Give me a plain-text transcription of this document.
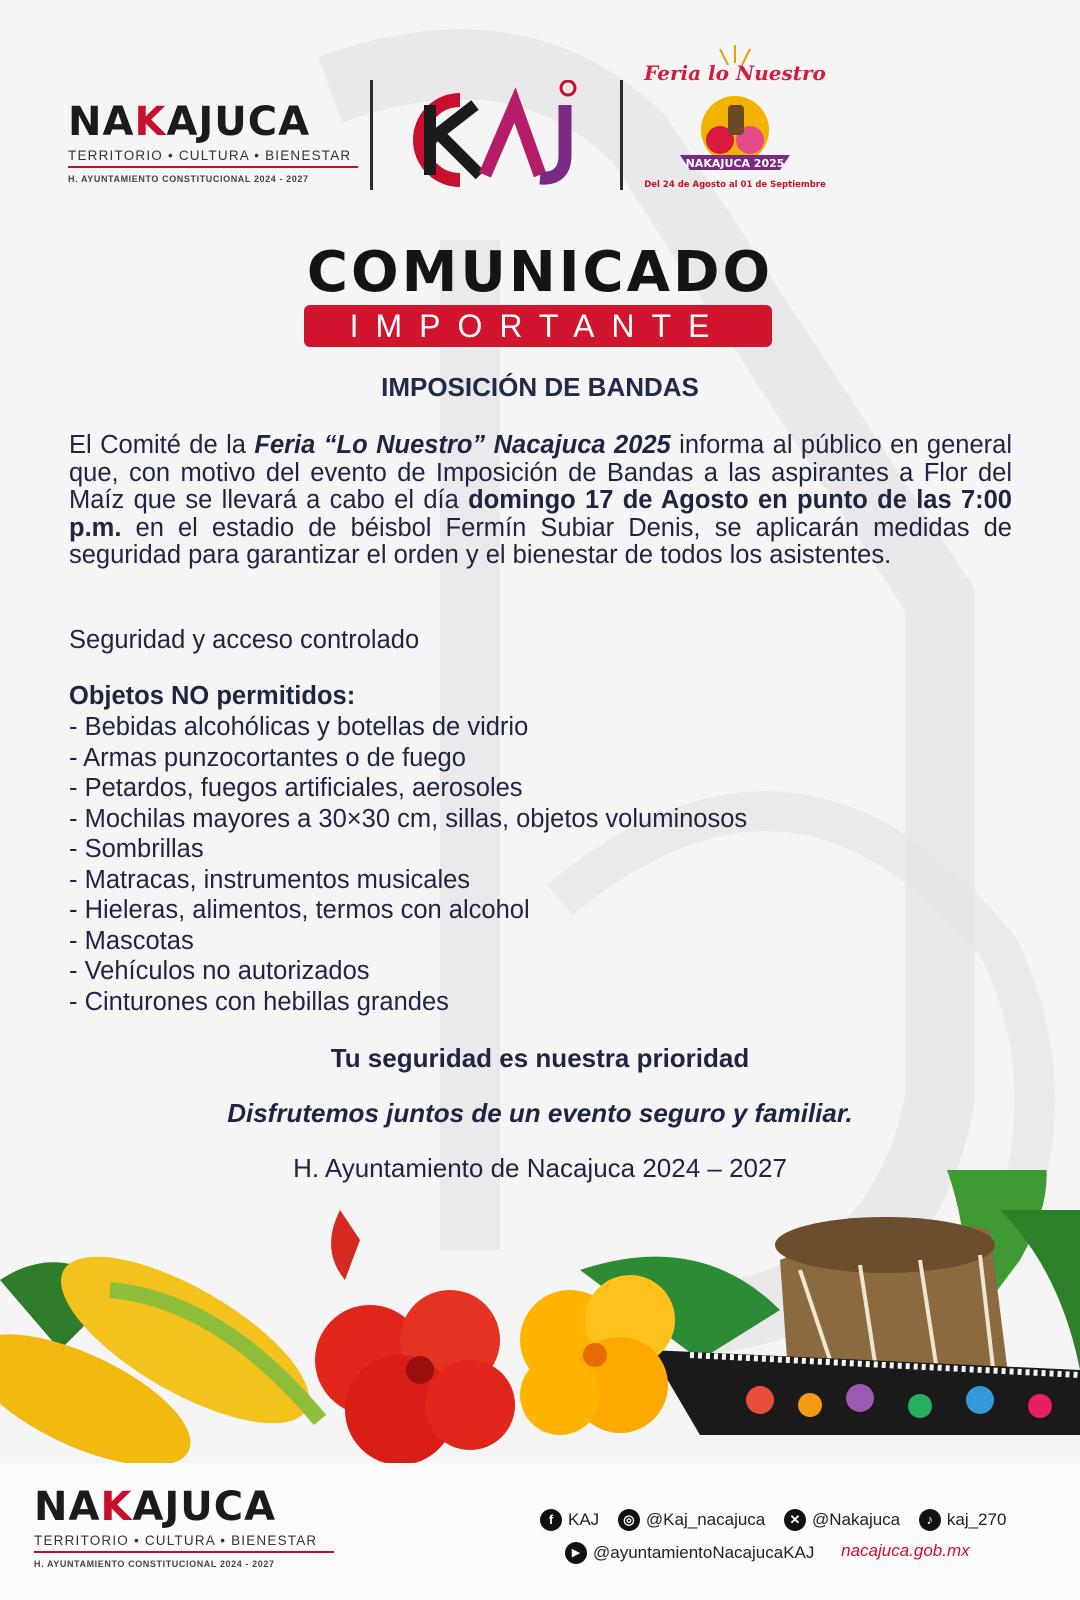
NAKAJUCA
TERRITORIO • CULTURA • BIENESTAR
H. AYUNTAMIENTO CONSTITUCIONAL 2024 - 2027
NAKAJUCA 2025
Feria lo Nuestro
Del 24 de Agosto al 01 de Septiembre
COMUNICADO
IMPORTANTE
IMPOSICIÓN DE BANDAS
El Comité de la Feria “Lo Nuestro” Nacajuca 2025 informa al público en general que, con motivo del evento de Imposición de Bandas a las aspirantes a Flor del Maíz que se llevará a cabo el día domingo 17 de Agosto en punto de las 7:00 p.m. en el estadio de béisbol Fermín Subiar Denis, se aplicarán medidas de seguridad para garantizar el orden y el bienestar de todos los asistentes.
Seguridad y acceso controlado
Objetos NO permitidos:
- Bebidas alcohólicas y botellas de vidrio
- Armas punzocortantes o de fuego
- Petardos, fuegos artificiales, aerosoles
- Mochilas mayores a 30×30 cm, sillas, objetos voluminosos
- Sombrillas
- Matracas, instrumentos musicales
- Hieleras, alimentos, termos con alcohol
- Mascotas
- Vehículos no autorizados
- Cinturones con hebillas grandes
Tu seguridad es nuestra prioridad
Disfrutemos juntos de un evento seguro y familiar.
H. Ayuntamiento de Nacajuca 2024 – 2027
NAKAJUCA
TERRITORIO • CULTURA • BIENESTAR
H. AYUNTAMIENTO CONSTITUCIONAL 2024 - 2027
f KAJ
	◎ @Kaj_nacajuca
	✕ @Nakajuca
	♪ kaj_270
▶ @ayuntamientoNacajucaKAJ nacajuca.gob.mx
